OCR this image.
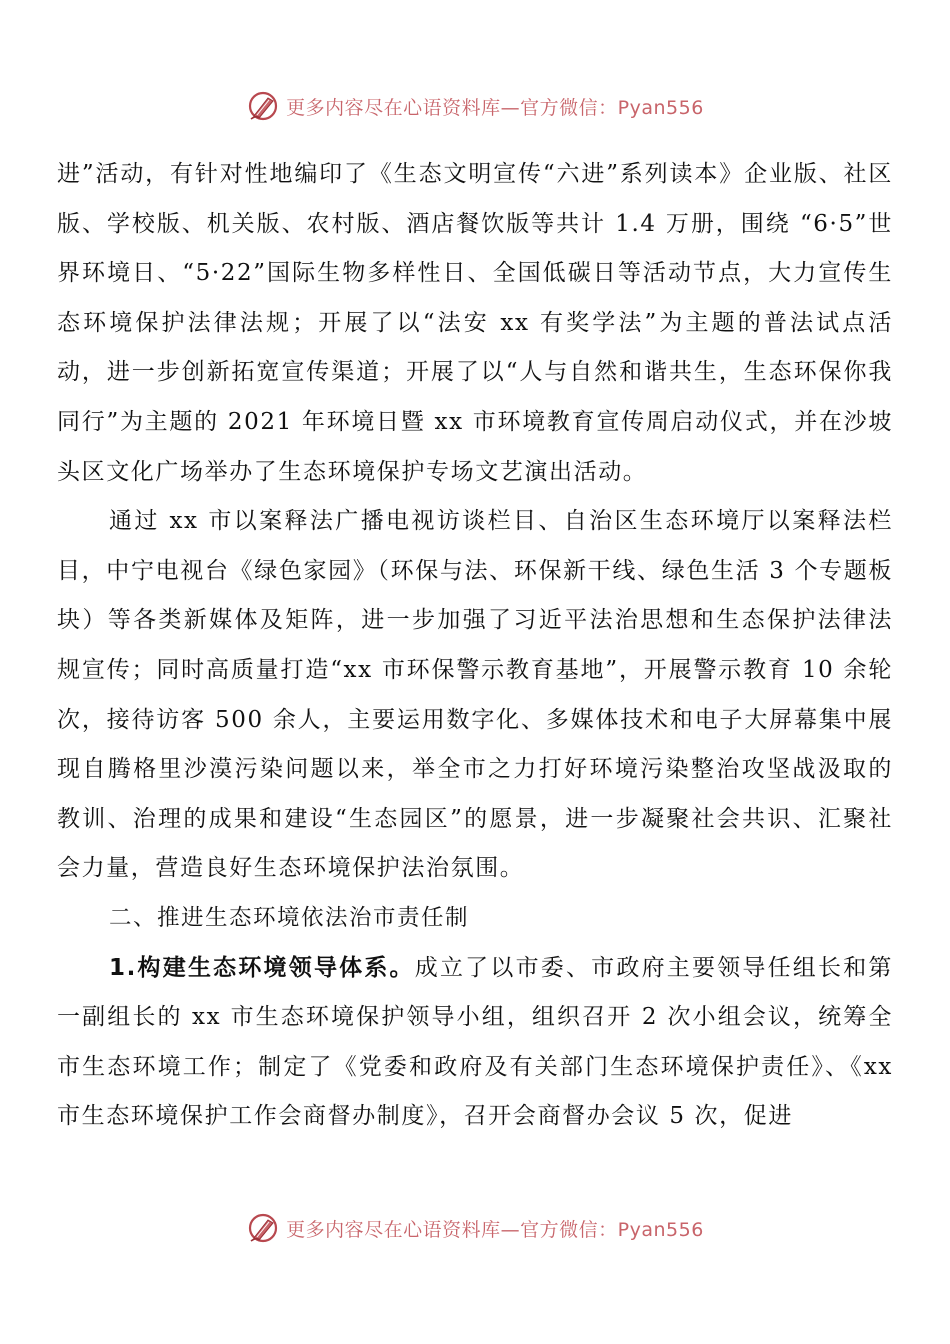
更多内容尽在心语资料库—官方微信：Pyan556

进”活动，有针对性地编印了《生态文明宣传“六进”系列读本》企业版、社区版、学校版、机关版、农村版、酒店餐饮版等共计 1.4 万册，围绕 “6·5”世界环境日、“5·22”国际生物多样性日、全国低碳日等活动节点，大力宣传生态环境保护法律法规；开展了以“法安 xx 有奖学法”为主题的普法试点活动，进一步创新拓宽宣传渠道；开展了以“人与自然和谐共生，生态环保你我同行”为主题的 2021 年环境日暨 xx 市环境教育宣传周启动仪式，并在沙坡头区文化广场举办了生态环境保护专场文艺演出活动。

通过 xx 市以案释法广播电视访谈栏目、自治区生态环境厅以案释法栏目，中宁电视台《绿色家园》（环保与法、环保新干线、绿色生活 3 个专题板块）等各类新媒体及矩阵，进一步加强了习近平法治思想和生态保护法律法规宣传；同时高质量打造“xx 市环保警示教育基地”，开展警示教育 10 余轮次，接待访客 500 余人，主要运用数字化、多媒体技术和电子大屏幕集中展现自腾格里沙漠污染问题以来，举全市之力打好环境污染整治攻坚战汲取的教训、治理的成果和建设“生态园区”的愿景，进一步凝聚社会共识、汇聚社会力量，营造良好生态环境保护法治氛围。

二、推进生态环境依法治市责任制

1.构建生态环境领导体系。成立了以市委、市政府主要领导任组长和第一副组长的 xx 市生态环境保护领导小组，组织召开 2 次小组会议，统筹全市生态环境工作；制定了《党委和政府及有关部门生态环境保护责任》、《xx 市生态环境保护工作会商督办制度》，召开会商督办会议 5 次，促进

更多内容尽在心语资料库—官方微信：Pyan556
